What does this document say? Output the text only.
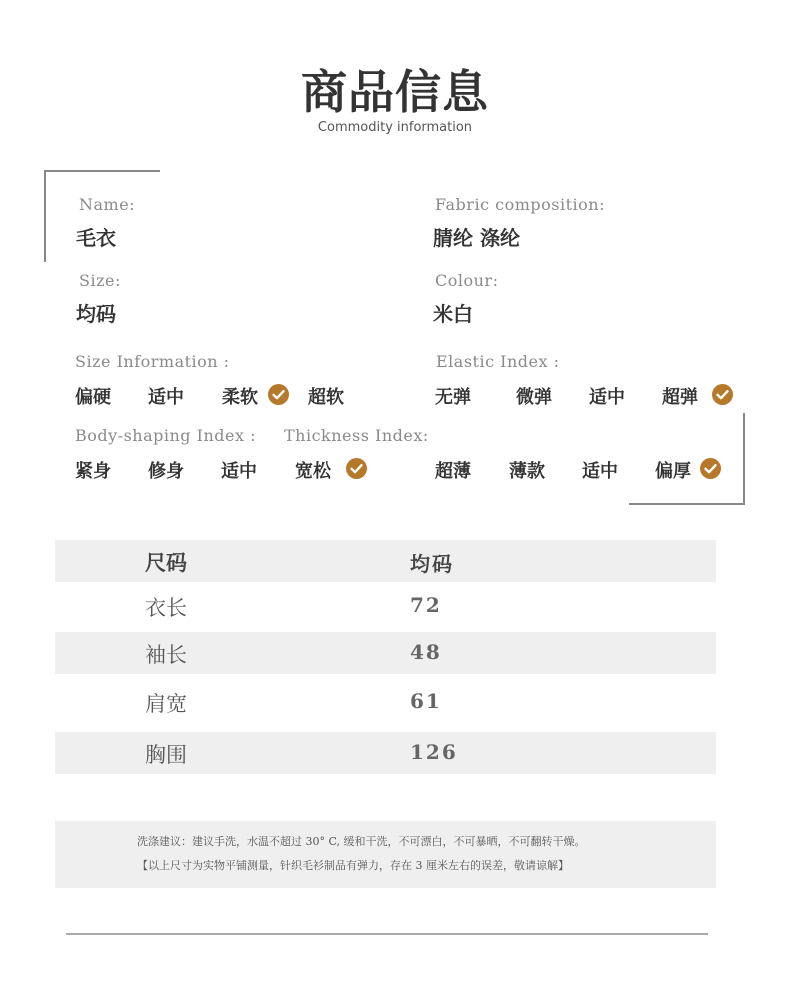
商品信息
Commodity information
Name:
毛衣
Fabric composition:
腈纶 涤纶
Size:
均码
Colour:
米白
Size Information :
偏硬 适中 柔软	超软
Elastic Index :
无弹	微弹 适中 超弹
Body-shaping Index :
紧身 修身 适中 宽松
Thickness Index:
超薄 薄款 适中 偏厚
尺码	均码
衣长	72
袖长	48
肩宽	61
胸围	126
洗涤建议：建议手洗，水温不超过 30° C, 缓和干洗，不可漂白，不可暴晒，不可翻转干燥。
【以上尺寸为实物平铺测量，针织毛衫制品有弹力，存在 3 厘米左右的误差，敬请谅解】
